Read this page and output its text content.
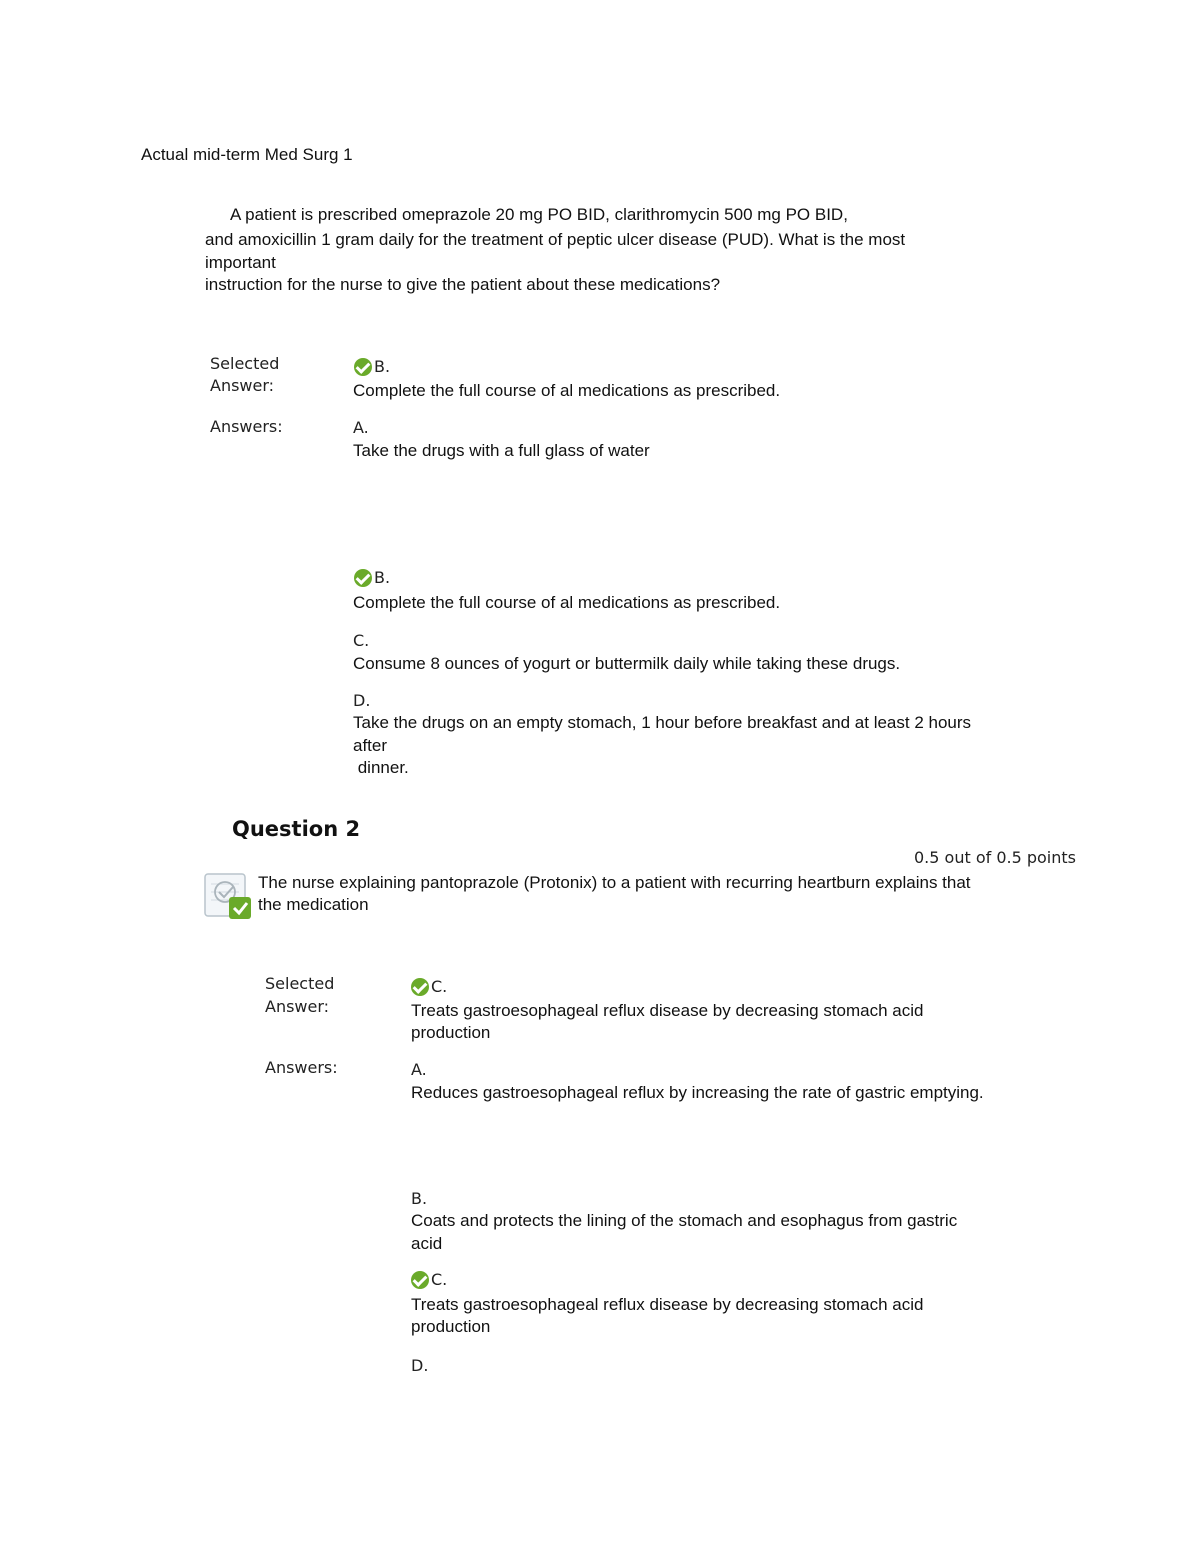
Actual mid-term Med Surg 1
A patient is prescribed omeprazole 20 mg PO BID, clarithromycin 500 mg PO BID,
and amoxicillin 1 gram daily for the treatment of peptic ulcer disease (PUD). What is the most
important
instruction for the nurse to give the patient about these medications?
Selected
Answer:
B.
Complete the full course of al medications as prescribed.
Answers:	A.
Take the drugs with a full glass of water
B.
Complete the full course of al medications as prescribed.
C.
Consume 8 ounces of yogurt or buttermilk daily while taking these drugs.
D.
Take the drugs on an empty stomach, 1 hour before breakfast and at least 2 hours
after
dinner.
Question 2
0.5 out of 0.5 points
The nurse explaining pantoprazole (Protonix) to a patient with recurring heartburn explains that
the medication
Selected
Answer:
C.
Treats gastroesophageal reflux disease by decreasing stomach acid
production
Answers:	A.
Reduces gastroesophageal reflux by increasing the rate of gastric emptying.
B.
Coats and protects the lining of the stomach and esophagus from gastric
acid
C.
Treats gastroesophageal reflux disease by decreasing stomach acid
production
D.
